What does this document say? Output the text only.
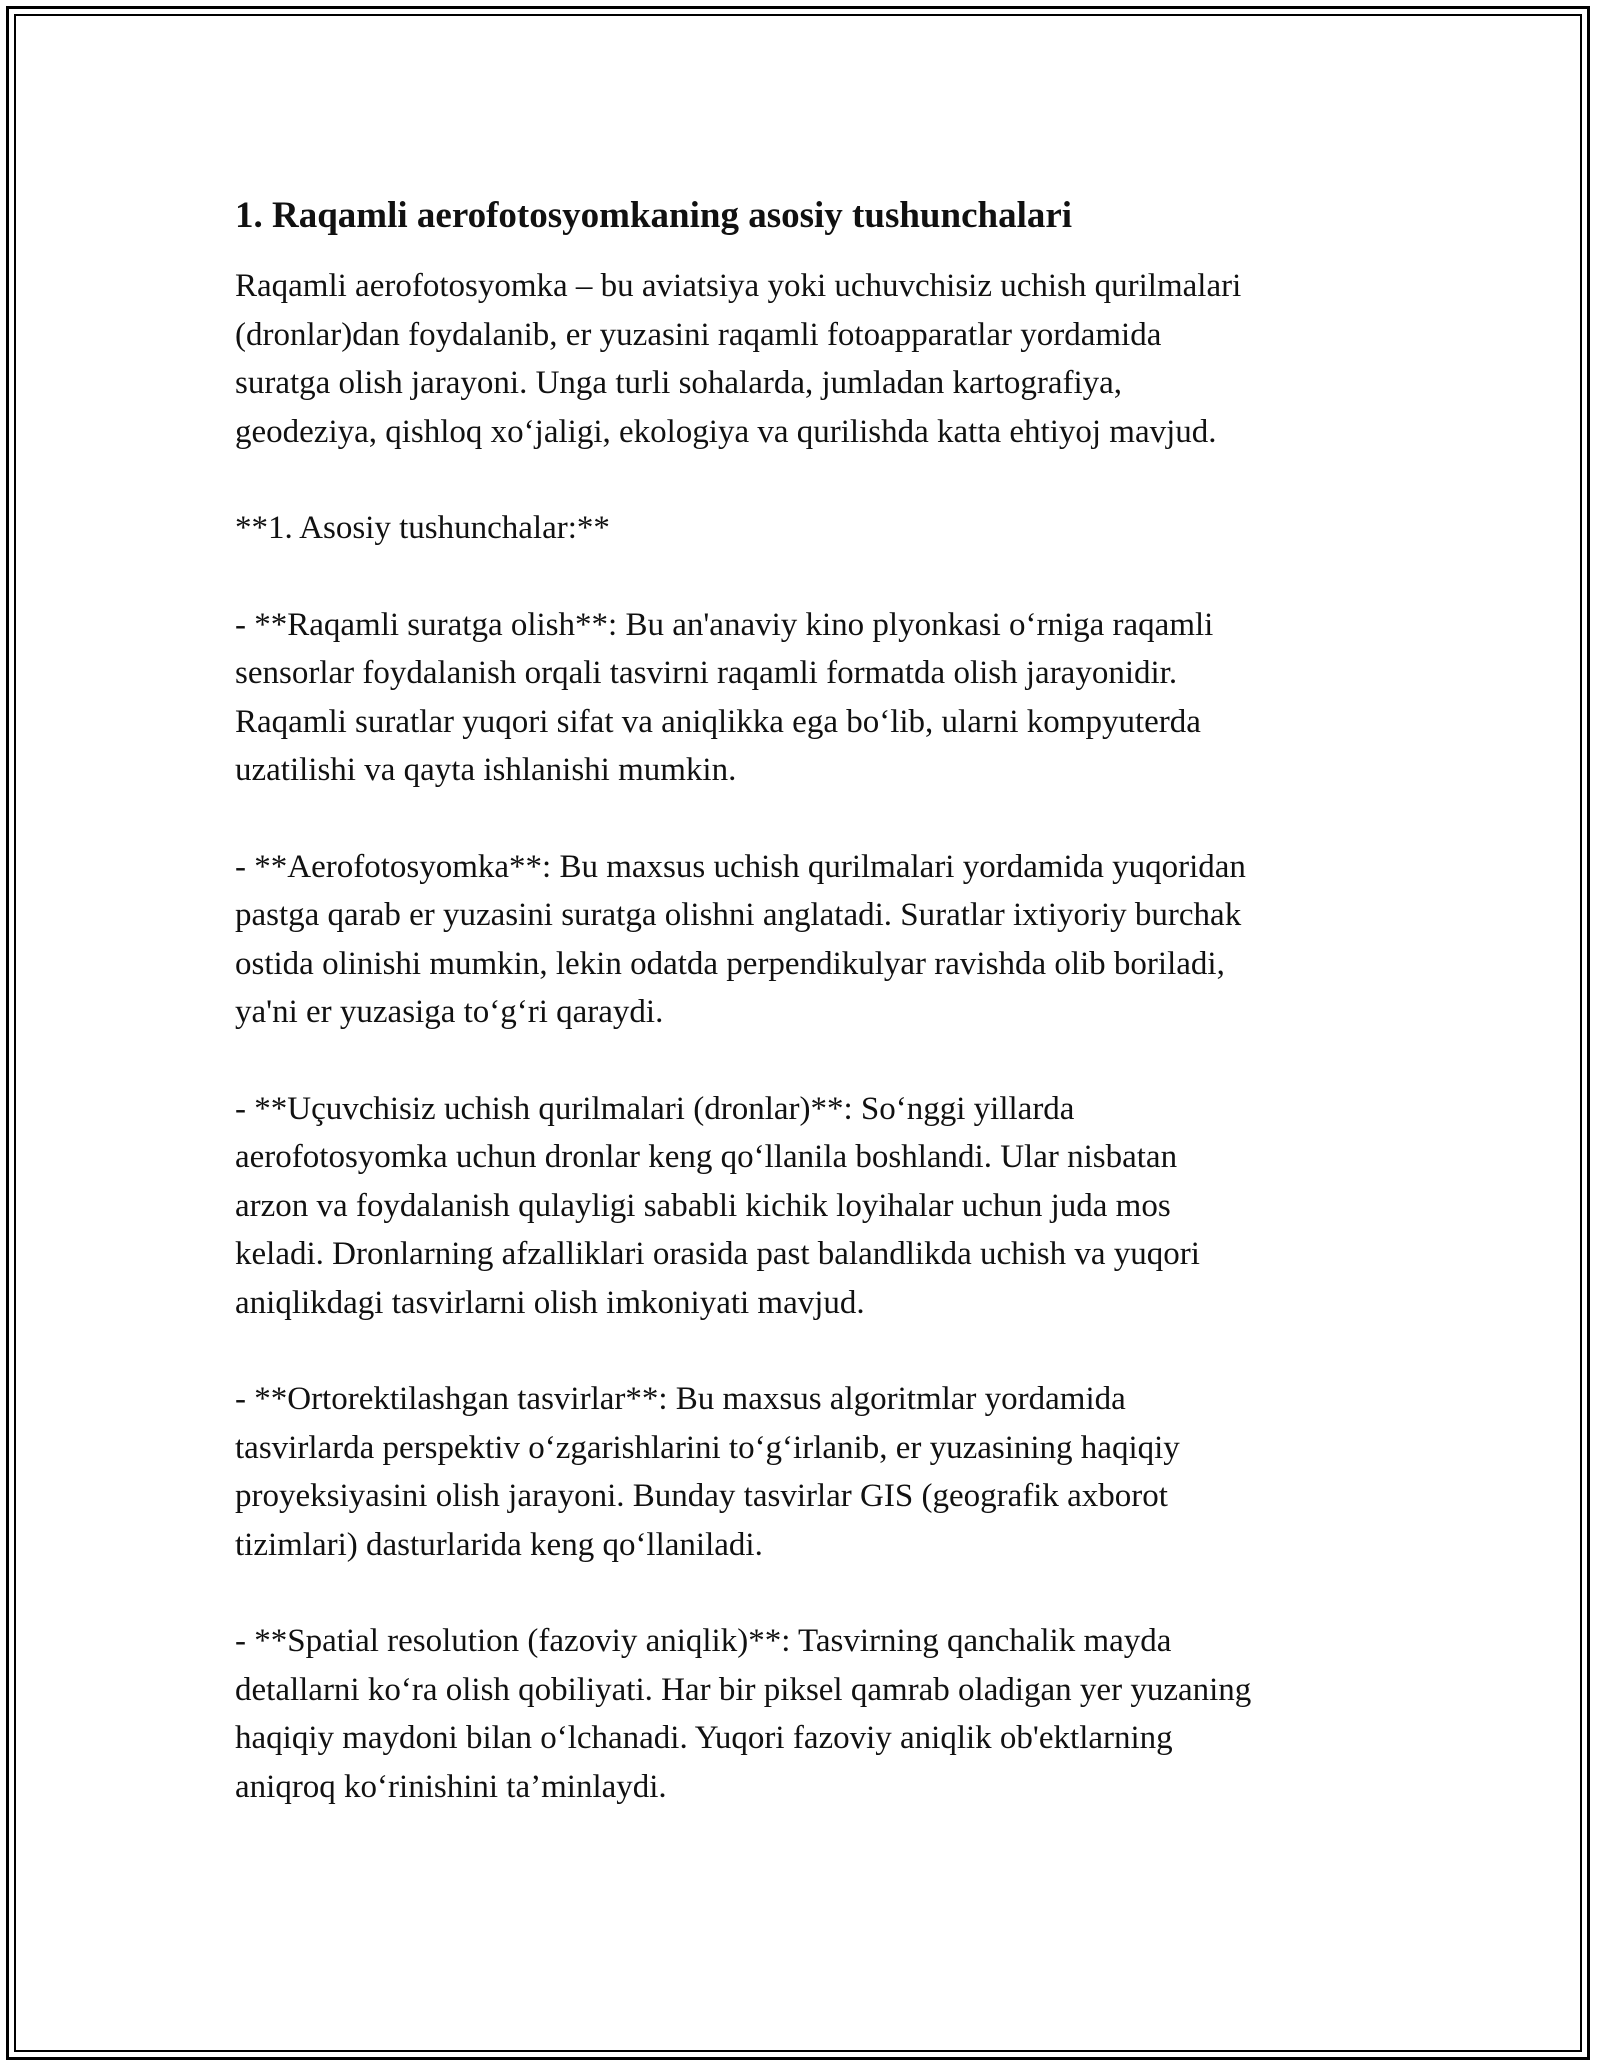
1. Raqamli aerofotosyomkaning asosiy tushunchalari

Raqamli aerofotosyomka – bu aviatsiya yoki uchuvchisiz uchish qurilmalari
(dronlar)dan foydalanib, er yuzasini raqamli fotoapparatlar yordamida
suratga olish jarayoni. Unga turli sohalarda, jumladan kartografiya,
geodeziya, qishloq xo‘jaligi, ekologiya va qurilishda katta ehtiyoj mavjud.

**1. Asosiy tushunchalar:**

- **Raqamli suratga olish**: Bu an'anaviy kino plyonkasi o‘rniga raqamli
sensorlar foydalanish orqali tasvirni raqamli formatda olish jarayonidir.
Raqamli suratlar yuqori sifat va aniqlikka ega bo‘lib, ularni kompyuterda
uzatilishi va qayta ishlanishi mumkin.

- **Aerofotosyomka**: Bu maxsus uchish qurilmalari yordamida yuqoridan
pastga qarab er yuzasini suratga olishni anglatadi. Suratlar ixtiyoriy burchak
ostida olinishi mumkin, lekin odatda perpendikulyar ravishda olib boriladi,
ya'ni er yuzasiga to‘g‘ri qaraydi.

- **Uçuvchisiz uchish qurilmalari (dronlar)**: So‘nggi yillarda
aerofotosyomka uchun dronlar keng qo‘llanila boshlandi. Ular nisbatan
arzon va foydalanish qulayligi sababli kichik loyihalar uchun juda mos
keladi. Dronlarning afzalliklari orasida past balandlikda uchish va yuqori
aniqlikdagi tasvirlarni olish imkoniyati mavjud.

- **Ortorektilashgan tasvirlar**: Bu maxsus algoritmlar yordamida
tasvirlarda perspektiv o‘zgarishlarini to‘g‘irlanib, er yuzasining haqiqiy
proyeksiyasini olish jarayoni. Bunday tasvirlar GIS (geografik axborot
tizimlari) dasturlarida keng qo‘llaniladi.

- **Spatial resolution (fazoviy aniqlik)**: Tasvirning qanchalik mayda
detallarni ko‘ra olish qobiliyati. Har bir piksel qamrab oladigan yer yuzaning
haqiqiy maydoni bilan o‘lchanadi. Yuqori fazoviy aniqlik ob'ektlarning
aniqroq ko‘rinishini ta’minlaydi.
